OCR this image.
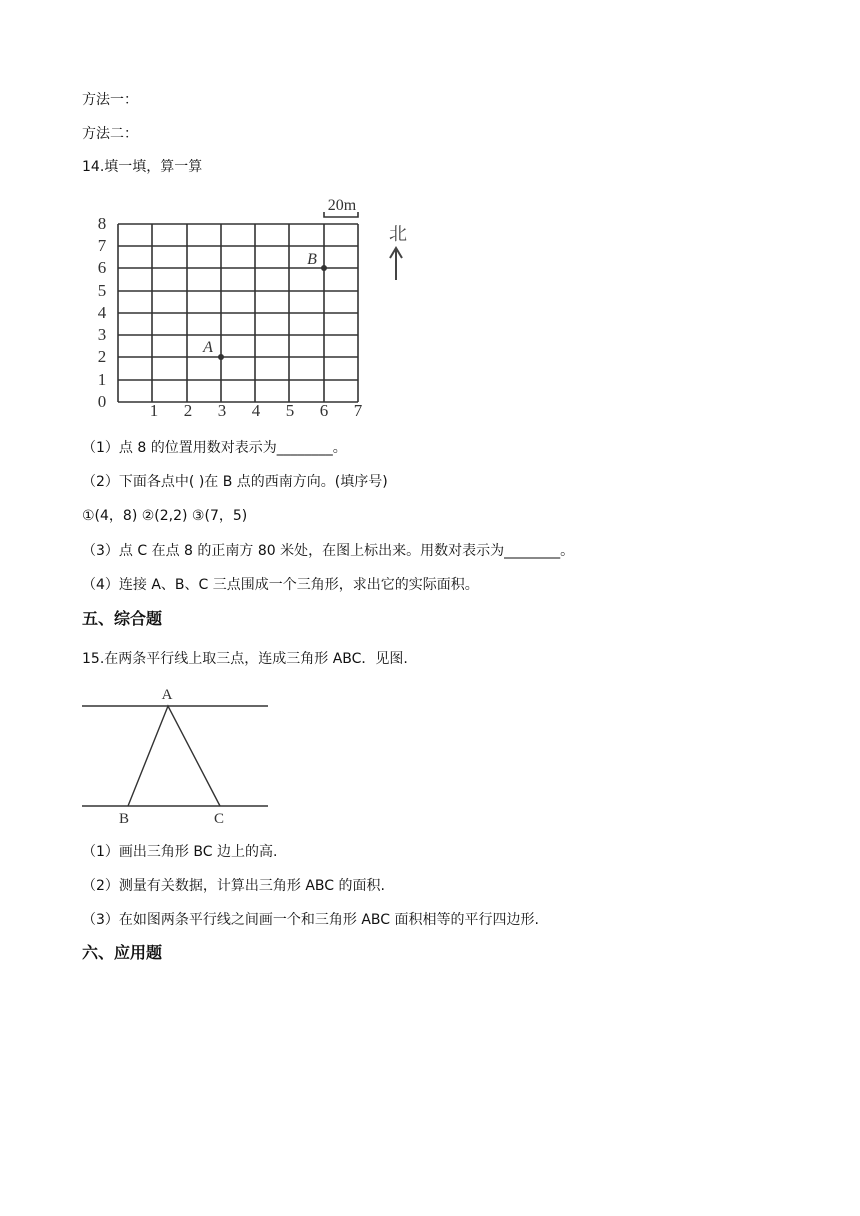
方法一：
方法二：
14.填一填，算一算
0
1
2
3
4
5
6
7
8
1 2 3 4 5 6 7
20m
北
A
B
（1）点 8 的位置用数对表示为________。
（2）下面各点中( )在 B 点的西南方向。(填序号)
①(4，8) ②(2,2) ③(7，5)
（3）点 C 在点 8 的正南方 80 米处，在图上标出来。用数对表示为________。
（4）连接 A、B、C 三点围成一个三角形，求出它的实际面积。
五、综合题
15.在两条平行线上取三点，连成三角形 ABC．见图.
A
B	C
（1）画出三角形 BC 边上的高.
（2）测量有关数据，计算出三角形 ABC 的面积.
（3）在如图两条平行线之间画一个和三角形 ABC 面积相等的平行四边形.
六、应用题
